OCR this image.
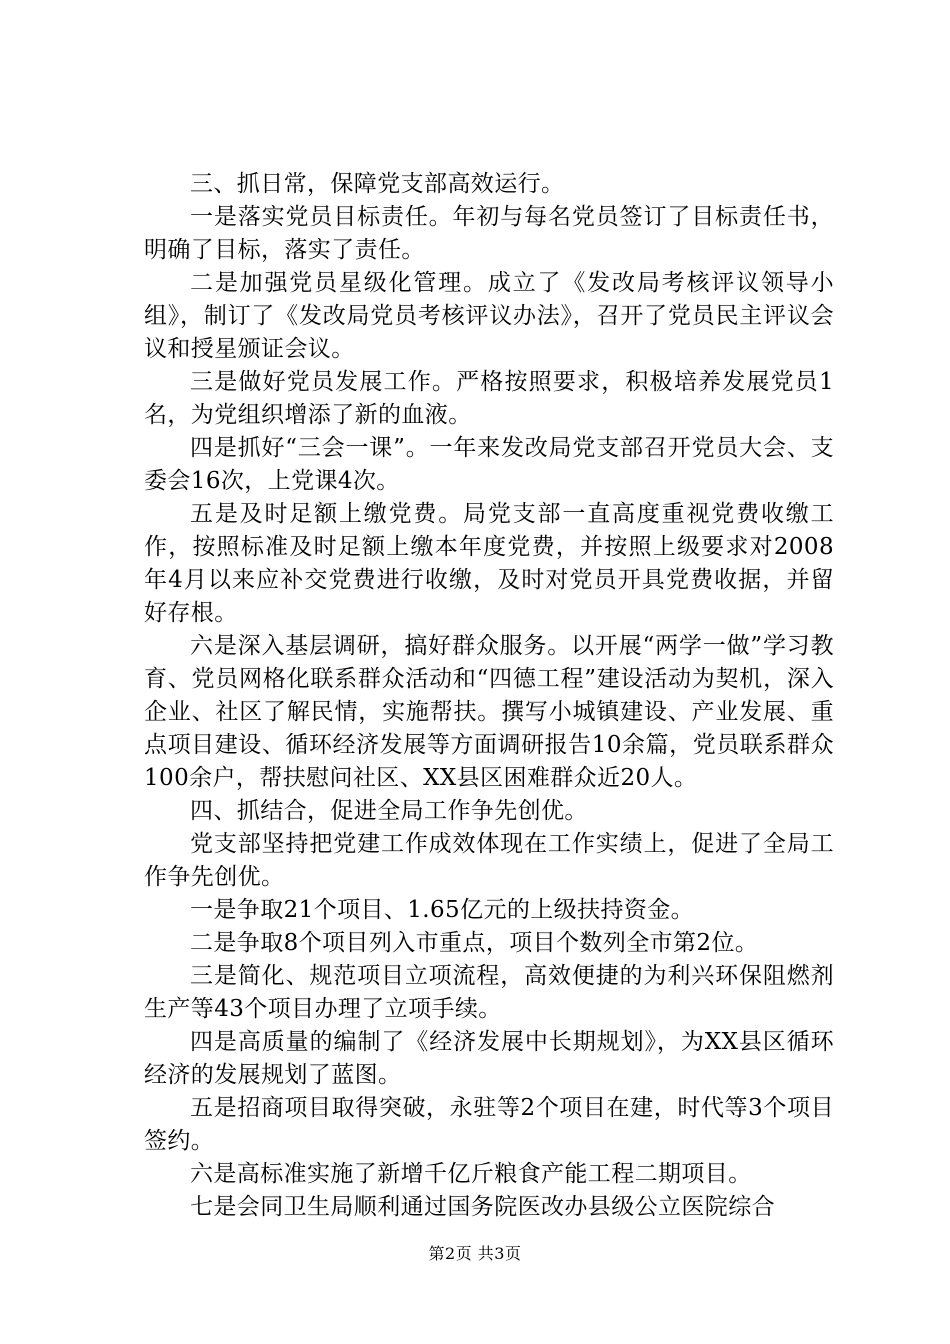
三、抓日常，保障党支部高效运行。

一是落实党员目标责任。年初与每名党员签订了目标责任书，明确了目标，落实了责任。

二是加强党员星级化管理。成立了《发改局考核评议领导小组》，制订了《发改局党员考核评议办法》，召开了党员民主评议会议和授星颁证会议。

三是做好党员发展工作。严格按照要求，积极培养发展党员1名，为党组织增添了新的血液。

四是抓好“三会一课”。一年来发改局党支部召开党员大会、支委会16次，上党课4次。

五是及时足额上缴党费。局党支部一直高度重视党费收缴工作，按照标准及时足额上缴本年度党费，并按照上级要求对2008年4月以来应补交党费进行收缴，及时对党员开具党费收据，并留好存根。

六是深入基层调研，搞好群众服务。以开展“两学一做”学习教育、党员网格化联系群众活动和“四德工程”建设活动为契机，深入企业、社区了解民情，实施帮扶。撰写小城镇建设、产业发展、重点项目建设、循环经济发展等方面调研报告10余篇，党员联系群众100余户，帮扶慰问社区、XX县区困难群众近20人。

四、抓结合，促进全局工作争先创优。

党支部坚持把党建工作成效体现在工作实绩上，促进了全局工作争先创优。

一是争取21个项目、1.65亿元的上级扶持资金。

二是争取8个项目列入市重点，项目个数列全市第2位。

三是简化、规范项目立项流程，高效便捷的为利兴环保阻燃剂生产等43个项目办理了立项手续。

四是高质量的编制了《经济发展中长期规划》，为XX县区循环经济的发展规划了蓝图。

五是招商项目取得突破，永驻等2个项目在建，时代等3个项目签约。

六是高标准实施了新增千亿斤粮食产能工程二期项目。

七是会同卫生局顺利通过国务院医改办县级公立医院综合

第2页 共3页
